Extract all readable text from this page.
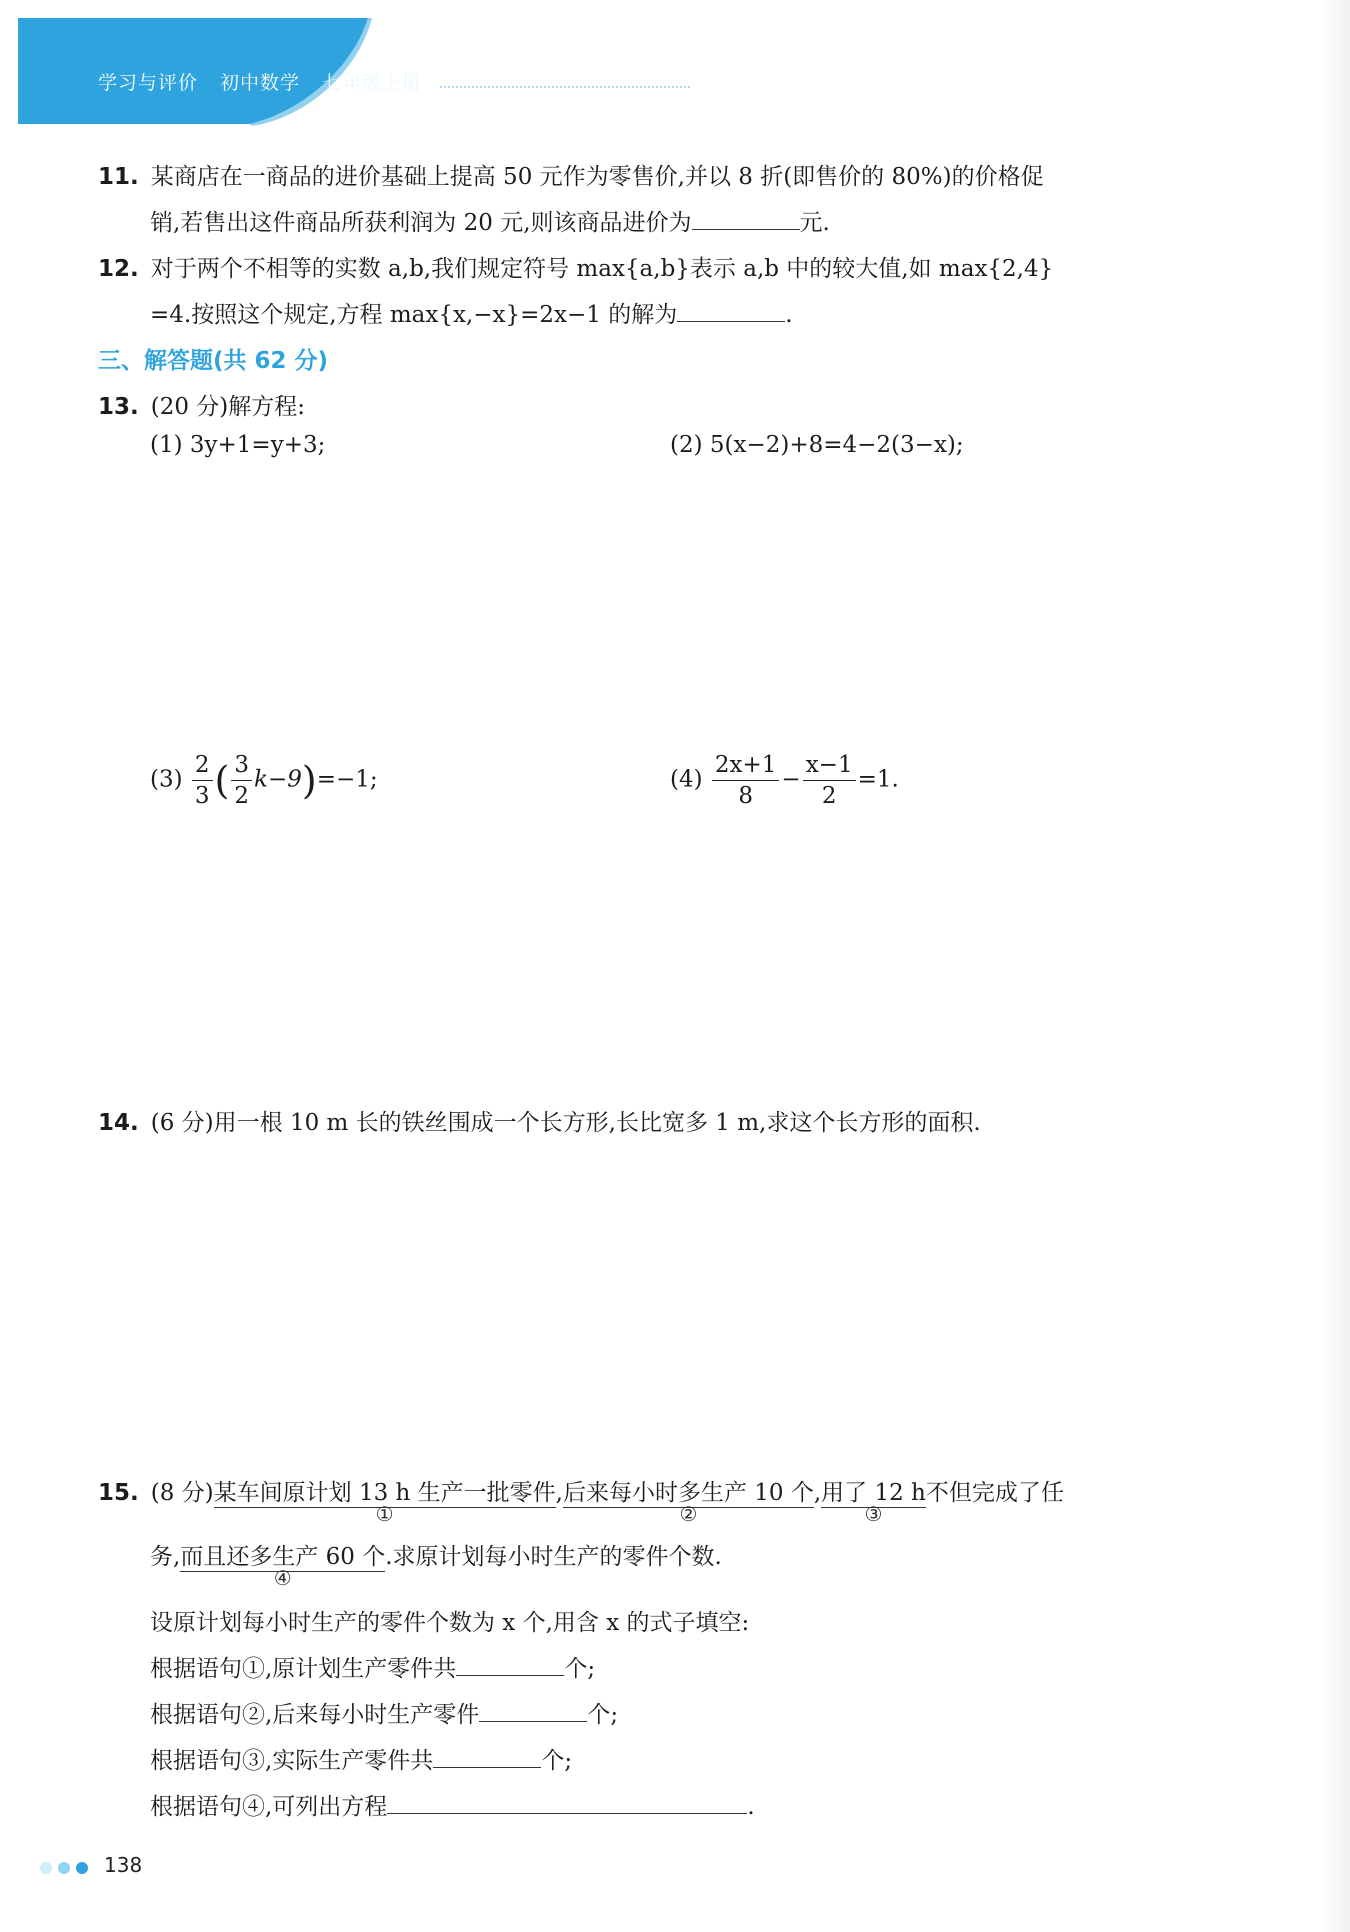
学习与评价 初中数学 七年级上册
11. 某商店在一商品的进价基础上提高 50 元作为零售价,并以 8 折(即售价的 80%)的价格促
销,若售出这件商品所获利润为 20 元,则该商品进价为	元.
12. 对于两个不相等的实数 a,b,我们规定符号 max{a,b}表示 a,b 中的较大值,如 max{2,4}
=4.按照这个规定,方程 max{x,−x}=2x−1 的解为	.
三、解答题(共 62 分)
13. (20 分)解方程:
(1) 3y+1=y+3;	(2) 5(x−2)+8=4−2(3−x);
$(3) \frac{2}{3}$ ( $\frac{3}{2} k-9)=-1$;	$(4) \frac{2x+1}{8} - \frac{x-1}{2} =1$.
14. (6 分)用一根 10 m 长的铁丝围成一个长方形,长比宽多 1 m,求这个长方形的面积.
15. (8 分)某车间原计划 13 h 生产一批零件
①
,后来每小时多生产 10 个
②
,用了 12 h
③
不但完成了任
务,而且还多生产 60 个
④
.求原计划每小时生产的零件个数.
设原计划每小时生产的零件个数为 x 个,用含 x 的式子填空:
根据语句①,原计划生产零件共	个;
根据语句②,后来每小时生产零件	个;
根据语句③,实际生产零件共	个;
根据语句④,可列出方程	.
138
